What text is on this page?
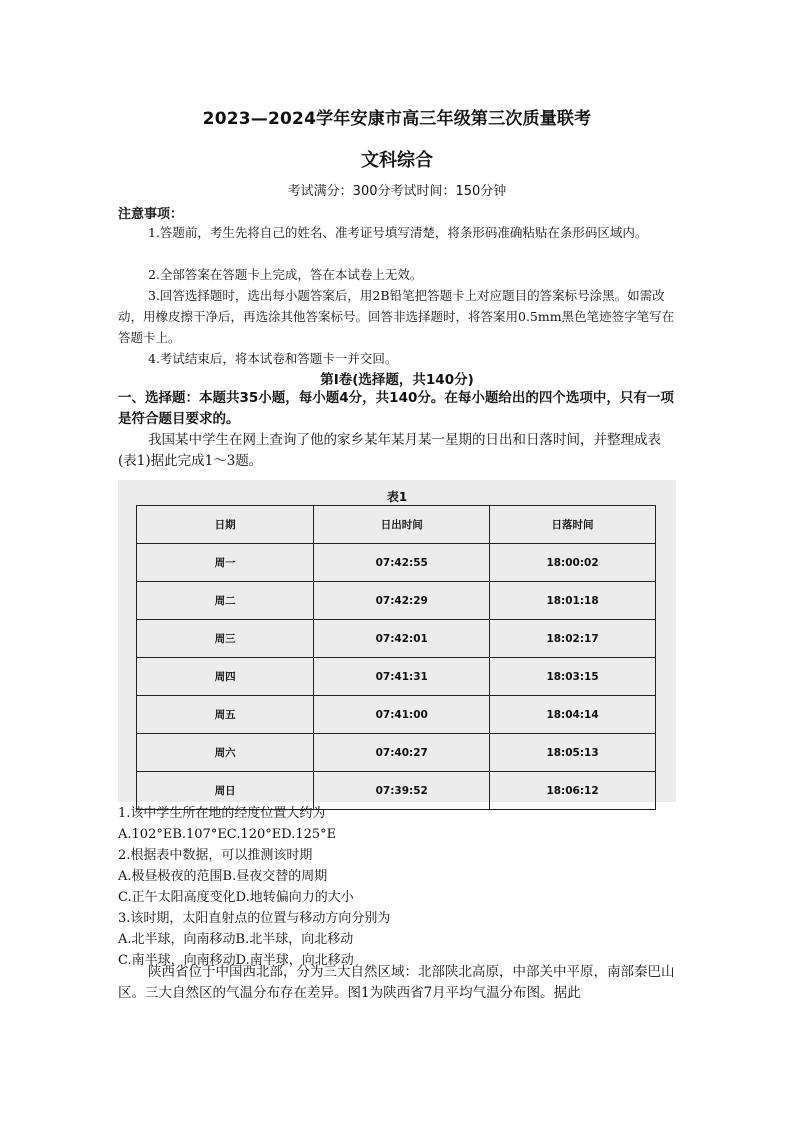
2023—2024学年安康市高三年级第三次质量联考
文科综合
考试满分：300分考试时间：150分钟
注意事项：
1.答题前，考生先将自己的姓名、准考证号填写清楚，将条形码准确粘贴在条形码区域内。
2.全部答案在答题卡上完成，答在本试卷上无效。
3.回答选择题时，选出每小题答案后，用2B铅笔把答题卡上对应题目的答案标号涂黑。如需改动，用橡皮擦干净后，再选涂其他答案标号。回答非选择题时，将答案用0.5mm黑色笔迹签字笔写在答题卡上。
4.考试结束后，将本试卷和答题卡一并交回。
第Ⅰ卷(选择题，共140分)
一、选择题：本题共35小题，每小题4分，共140分。在每小题给出的四个选项中，只有一项是符合题目要求的。
我国某中学生在网上查询了他的家乡某年某月某一星期的日出和日落时间，并整理成表(表1)据此完成1～3题。
表1
日期	日出时间	日落时间
周一	07:42:55	18:00:02
周二	07:42:29	18:01:18
周三	07:42:01	18:02:17
周四	07:41:31	18:03:15
周五	07:41:00	18:04:14
周六	07:40:27	18:05:13
周日	07:39:52	18:06:12
1.该中学生所在地的经度位置大约为
A.102°EB.107°EC.120°ED.125°E
2.根据表中数据，可以推测该时期
A.极昼极夜的范围B.昼夜交替的周期
C.正午太阳高度变化D.地转偏向力的大小
3.该时期，太阳直射点的位置与移动方向分别为
A.北半球，向南移动B.北半球，向北移动
C.南半球，向南移动D.南半球，向北移动
陕西省位于中国西北部，分为三大自然区域：北部陕北高原，中部关中平原，南部秦巴山区。三大自然区的气温分布存在差异。图1为陕西省7月平均气温分布图。据此
